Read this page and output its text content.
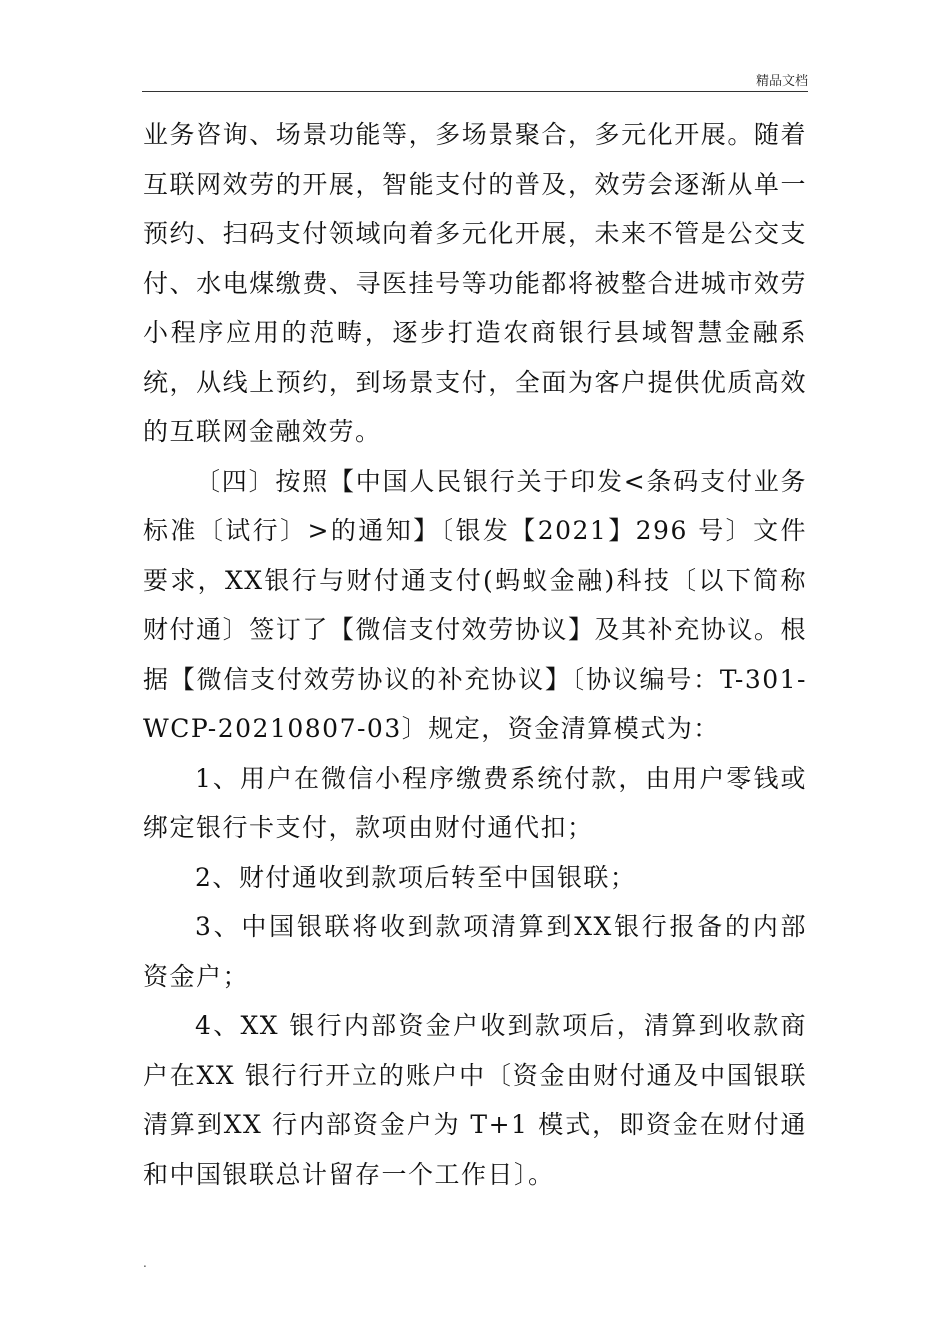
精品文档

业务咨询、场景功能等，多场景聚合，多元化开展。随着互联网效劳的开展，智能支付的普及，效劳会逐渐从单一预约、扫码支付领域向着多元化开展，未来不管是公交支付、水电煤缴费、寻医挂号等功能都将被整合进城市效劳小程序应用的范畴，逐步打造农商银行县域智慧金融系统，从线上预约，到场景支付，全面为客户提供优质高效的互联网金融效劳。

〔四〕按照【中国人民银行关于印发<条码支付业务标准〔试行〕>的通知】〔银发【2021】296 号〕文件要求，XX银行与财付通支付(蚂蚁金融)科技〔以下简称财付通〕签订了【微信支付效劳协议】及其补充协议。根据【微信支付效劳协议的补充协议】〔协议编号：T-301-WCP-20210807-03〕规定，资金清算模式为：

1、用户在微信小程序缴费系统付款，由用户零钱或绑定银行卡支付，款项由财付通代扣；

2、财付通收到款项后转至中国银联；

3、中国银联将收到款项清算到XX银行报备的内部资金户；

4、XX 银行内部资金户收到款项后，清算到收款商户在XX 银行行开立的账户中〔资金由财付通及中国银联清算到XX 行内部资金户为 T+1 模式，即资金在财付通和中国银联总计留存一个工作日〕。

.
